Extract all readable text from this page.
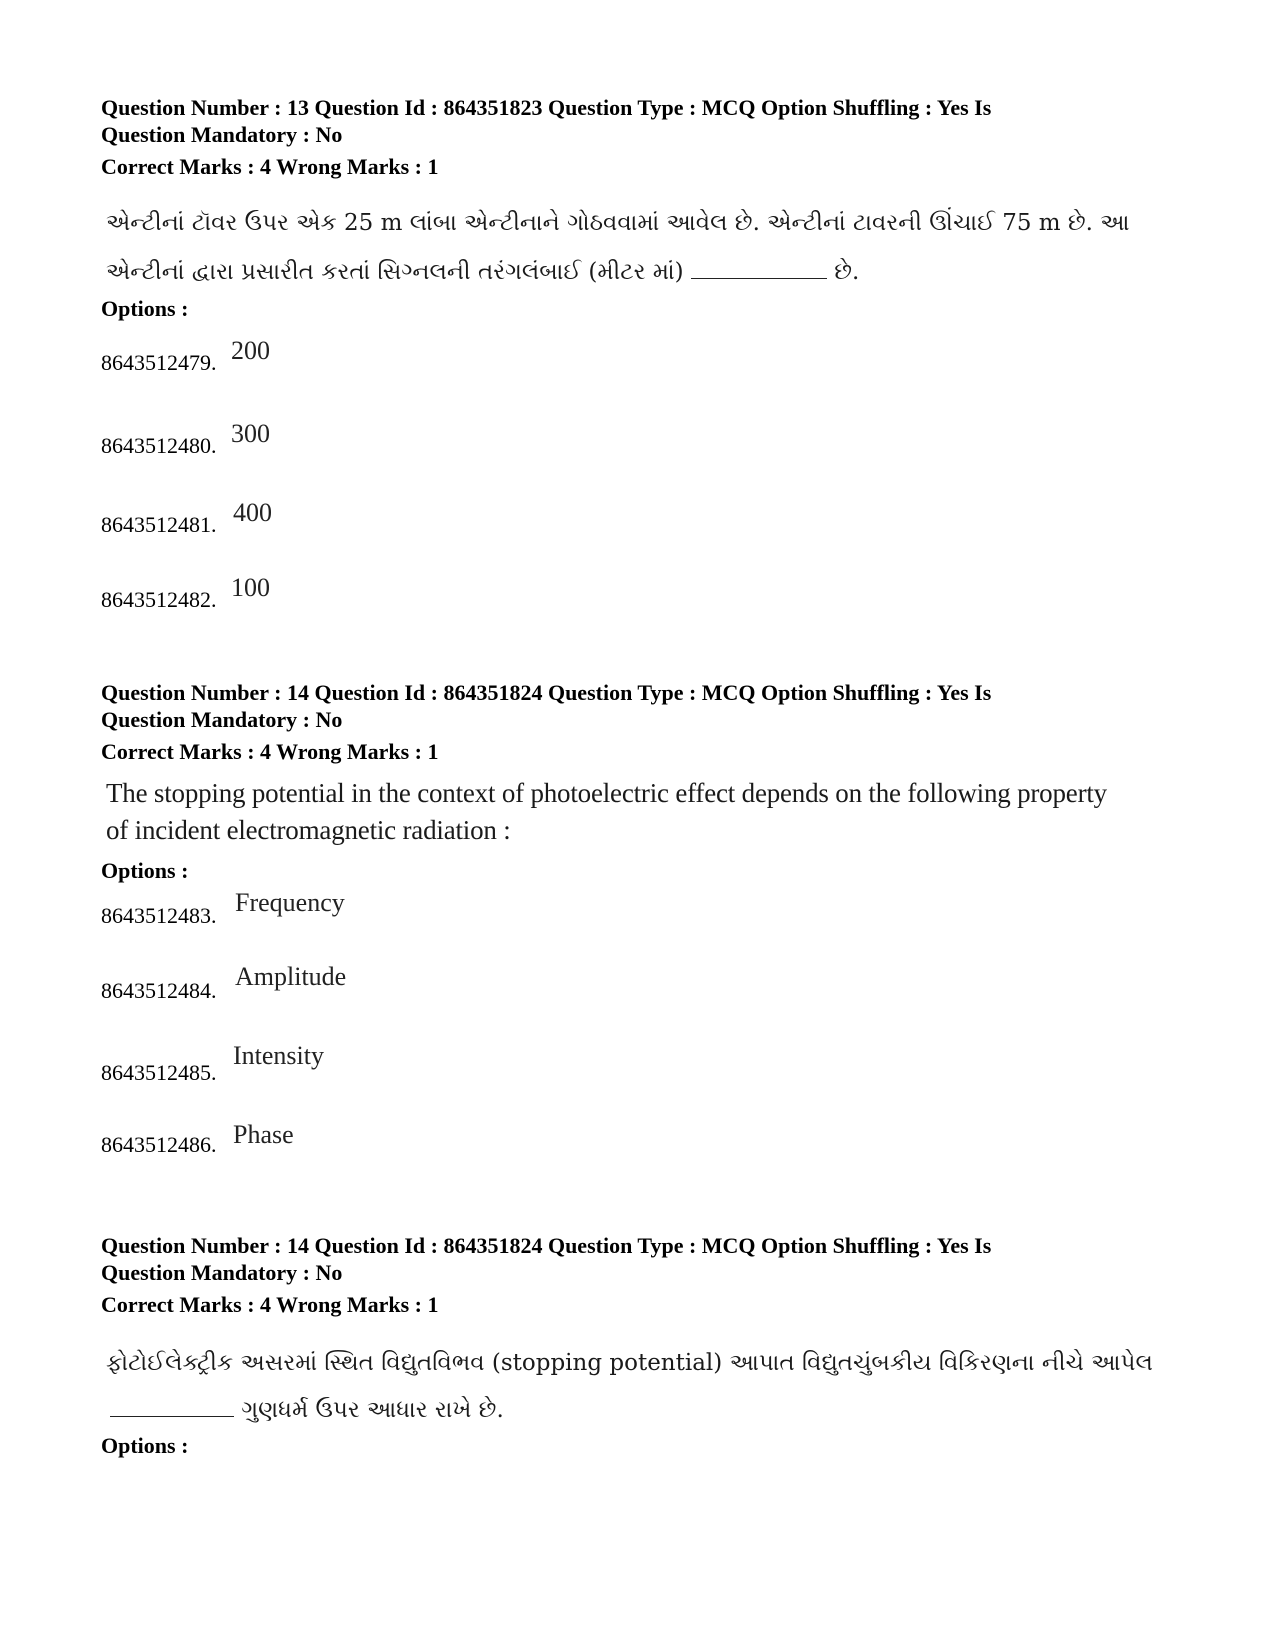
Question Number : 13 Question Id : 864351823 Question Type : MCQ Option Shuffling : Yes Is
Question Mandatory : No
Correct Marks : 4 Wrong Marks : 1
એન્ટીનાં ટૉવર ઉપર એક 25 m લાંબા એન્ટીનાને ગોઠવવામાં આવેલ છે. એન્ટીનાં ટાવરની ઊંચાઈ 75 m છે. આ
એન્ટીનાં દ્વારા પ્રસારીત કરતાં સિગ્નલની તરંગલંબાઈ (મીટર માં)	છે.
Options :
8643512479. 200
8643512480. 300
8643512481. 400
8643512482. 100
Question Number : 14 Question Id : 864351824 Question Type : MCQ Option Shuffling : Yes Is
Question Mandatory : No
Correct Marks : 4 Wrong Marks : 1
The stopping potential in the context of photoelectric effect depends on the following property
of incident electromagnetic radiation :
Options :
8643512483. Frequency
8643512484. Amplitude
8643512485.
Intensity
8643512486. Phase
Question Number : 14 Question Id : 864351824 Question Type : MCQ Option Shuffling : Yes Is
Question Mandatory : No
Correct Marks : 4 Wrong Marks : 1
ફોટોઈલેક્ટ્રીક અસરમાં સ્થિત વિદ્યુતવિભવ (stopping potential) આપાત વિદ્યુતચુંબકીય વિકિરણના નીચે આપેલ
ગુણધર્મ ઉપર આધાર રાખે છે.
Options :
